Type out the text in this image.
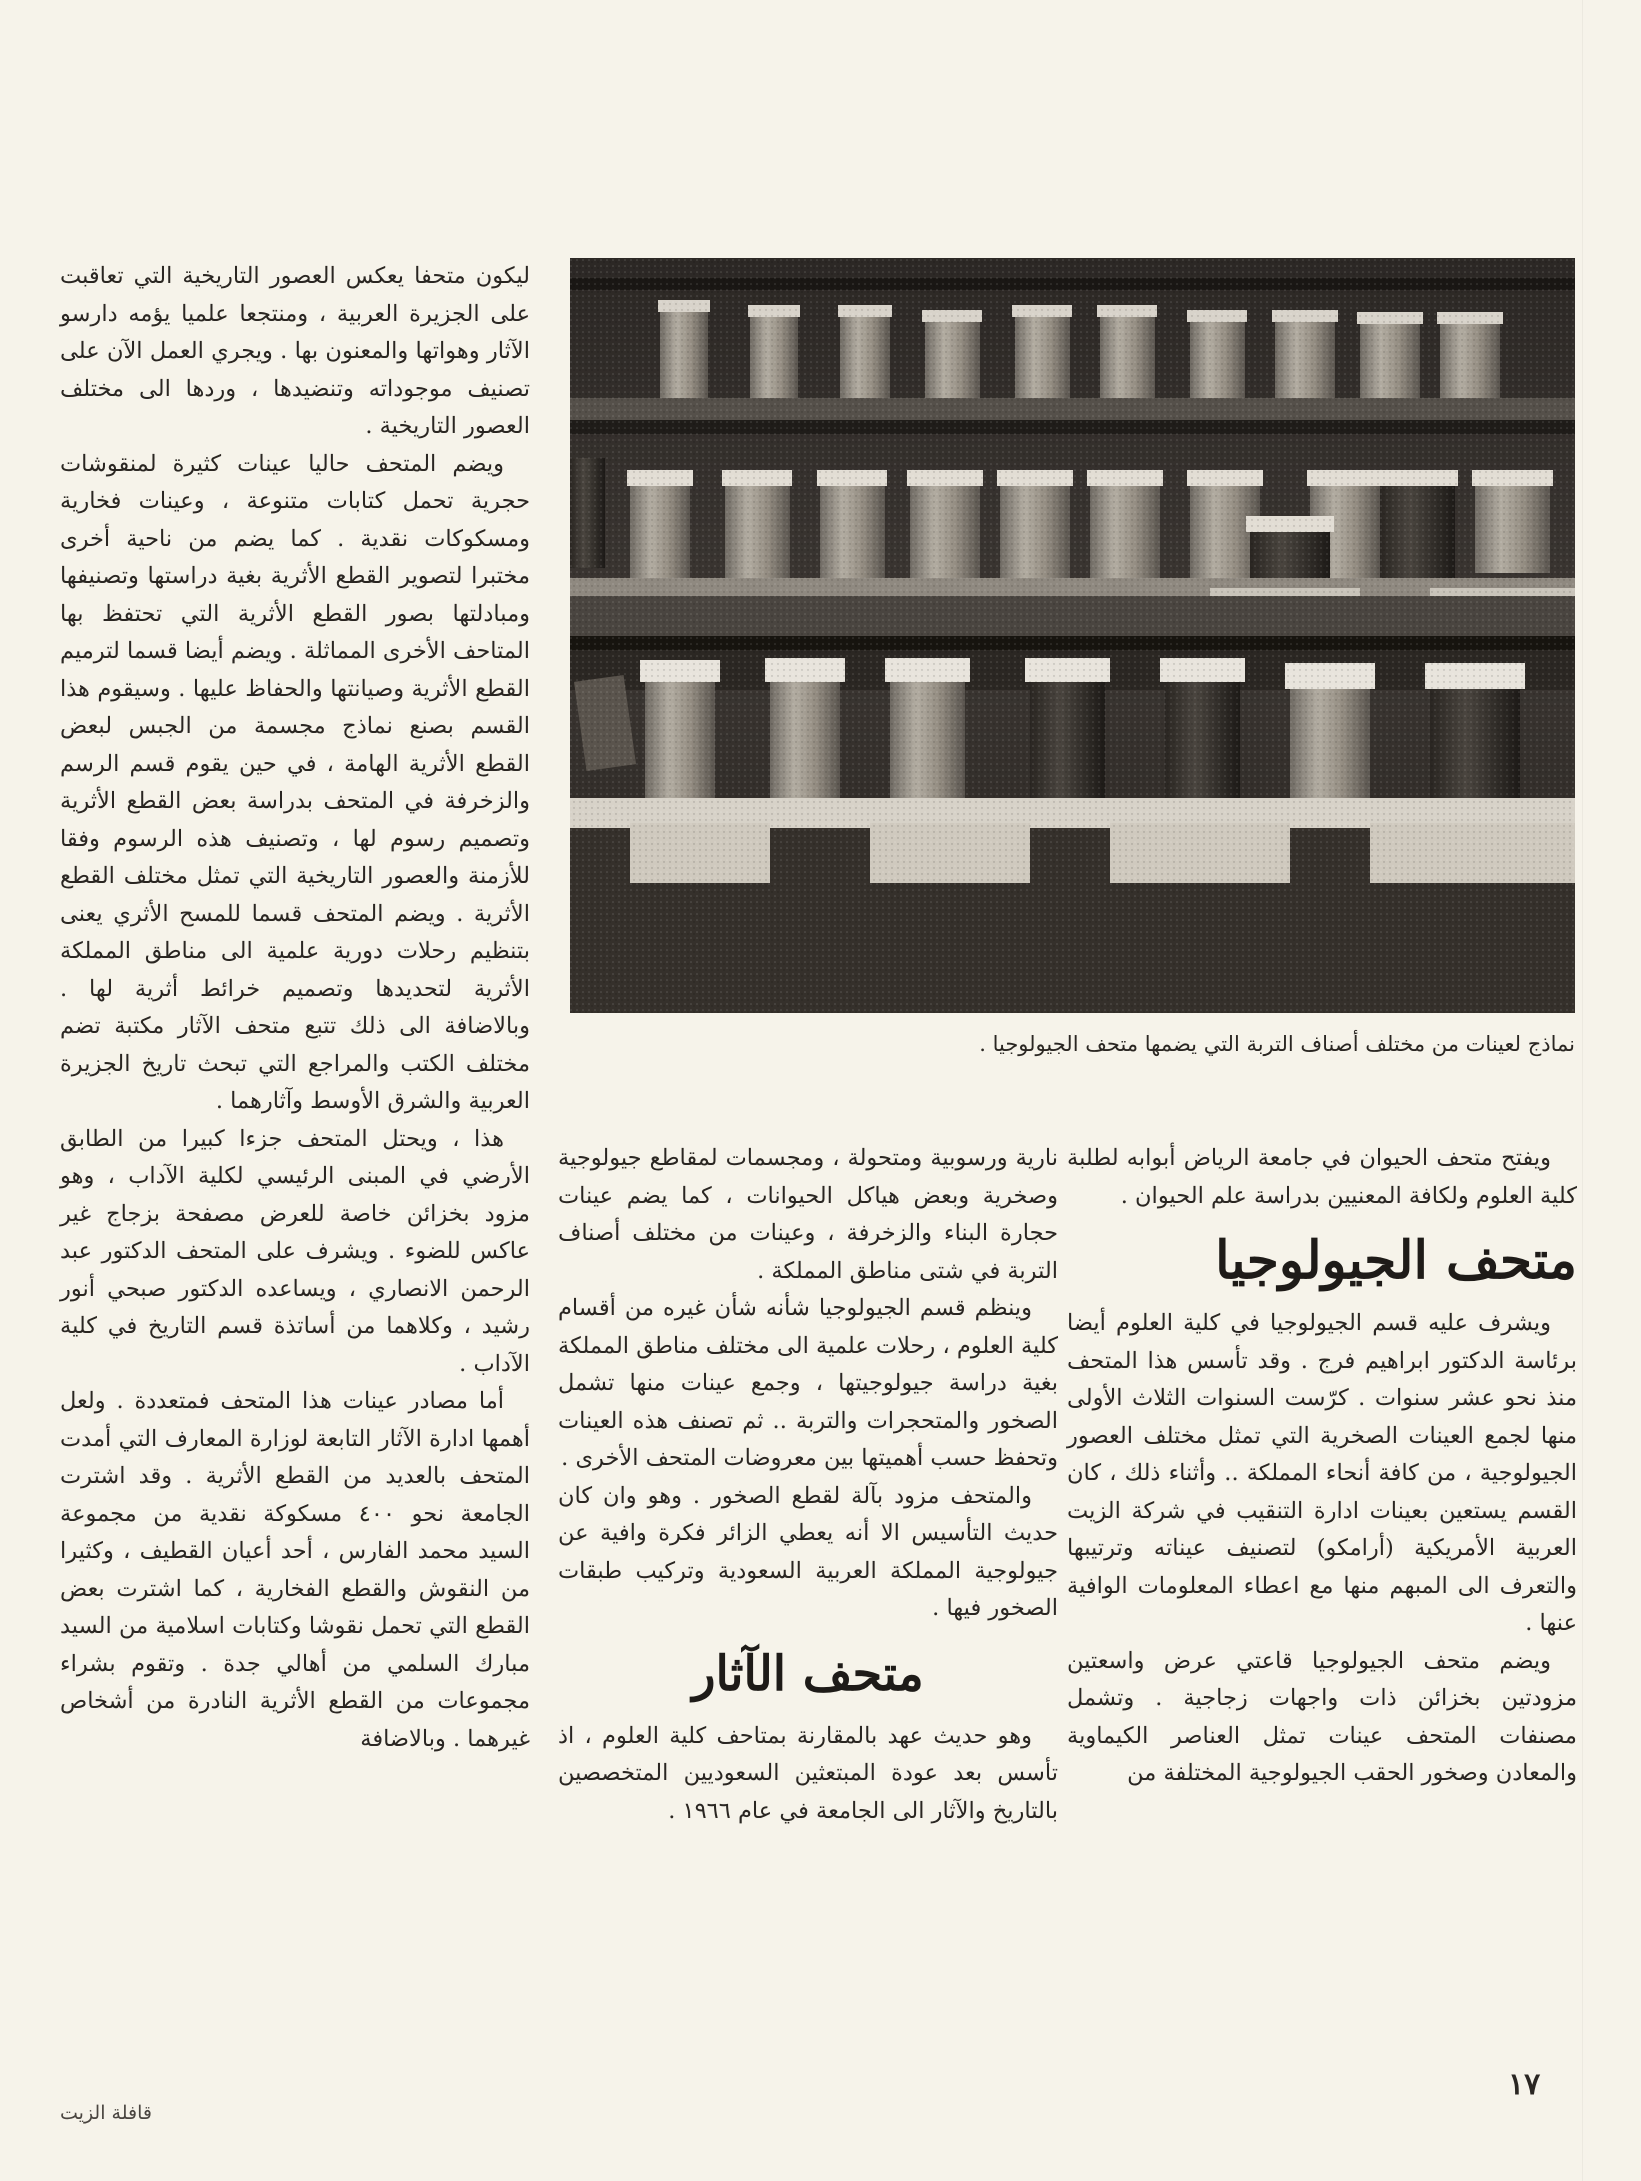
ليكون متحفا يعكس العصور التاريخية التي تعاقبت على الجزيرة العربية ، ومنتجعا علميا يؤمه دارسو الآثار وهواتها والمعنون بها . ويجري العمل الآن على تصنيف موجوداته وتنضيدها ، وردها الى مختلف العصور التاريخية .

ويضم المتحف حاليا عينات كثيرة لمنقوشات حجرية تحمل كتابات متنوعة ، وعينات فخارية ومسكوكات نقدية . كما يضم من ناحية أخرى مختبرا لتصوير القطع الأثرية بغية دراستها وتصنيفها ومبادلتها بصور القطع الأثرية التي تحتفظ بها المتاحف الأخرى المماثلة . ويضم أيضا قسما لترميم القطع الأثرية وصيانتها والحفاظ عليها . وسيقوم هذا القسم بصنع نماذج مجسمة من الجبس لبعض القطع الأثرية الهامة ، في حين يقوم قسم الرسم والزخرفة في المتحف بدراسة بعض القطع الأثرية وتصميم رسوم لها ، وتصنيف هذه الرسوم وفقا للأزمنة والعصور التاريخية التي تمثل مختلف القطع الأثرية . ويضم المتحف قسما للمسح الأثري يعنى بتنظيم رحلات دورية علمية الى مناطق المملكة الأثرية لتحديدها وتصميم خرائط أثرية لها . وبالاضافة الى ذلك تتبع متحف الآثار مكتبة تضم مختلف الكتب والمراجع التي تبحث تاريخ الجزيرة العربية والشرق الأوسط وآثارهما .

هذا ، ويحتل المتحف جزءا كبيرا من الطابق الأرضي في المبنى الرئيسي لكلية الآداب ، وهو مزود بخزائن خاصة للعرض مصفحة بزجاج غير عاكس للضوء . ويشرف على المتحف الدكتور عبد الرحمن الانصاري ، ويساعده الدكتور صبحي أنور رشيد ، وكلاهما من أساتذة قسم التاريخ في كلية الآداب .

أما مصادر عينات هذا المتحف فمتعددة . ولعل أهمها ادارة الآثار التابعة لوزارة المعارف التي أمدت المتحف بالعديد من القطع الأثرية . وقد اشترت الجامعة نحو ٤٠٠ مسكوكة نقدية من مجموعة السيد محمد الفارس ، أحد أعيان القطيف ، وكثيرا من النقوش والقطع الفخارية ، كما اشترت بعض القطع التي تحمل نقوشا وكتابات اسلامية من السيد مبارك السلمي من أهالي جدة . وتقوم بشراء مجموعات من القطع الأثرية النادرة من أشخاص غيرهما . وبالاضافة

نماذج لعينات من مختلف أصناف التربة التي يضمها متحف الجيولوجيا .

نارية ورسوبية ومتحولة ، ومجسمات لمقاطع جيولوجية وصخرية وبعض هياكل الحيوانات ، كما يضم عينات حجارة البناء والزخرفة ، وعينات من مختلف أصناف التربة في شتى مناطق المملكة .

وينظم قسم الجيولوجيا شأنه شأن غيره من أقسام كلية العلوم ، رحلات علمية الى مختلف مناطق المملكة بغية دراسة جيولوجيتها ، وجمع عينات منها تشمل الصخور والمتحجرات والتربة .. ثم تصنف هذه العينات وتحفظ حسب أهميتها بين معروضات المتحف الأخرى .

والمتحف مزود بآلة لقطع الصخور . وهو وان كان حديث التأسيس الا أنه يعطي الزائر فكرة وافية عن جيولوجية المملكة العربية السعودية وتركيب طبقات الصخور فيها .

متحف الآثار

وهو حديث عهد بالمقارنة بمتاحف كلية العلوم ، اذ تأسس بعد عودة المبتعثين السعوديين المتخصصين بالتاريخ والآثار الى الجامعة في عام ١٩٦٦ .

ويفتح متحف الحيوان في جامعة الرياض أبوابه لطلبة كلية العلوم ولكافة المعنيين بدراسة علم الحيوان .

متحف الجيولوجيا

ويشرف عليه قسم الجيولوجيا في كلية العلوم أيضا برئاسة الدكتور ابراهيم فرج . وقد تأسس هذا المتحف منذ نحو عشر سنوات . كرّست السنوات الثلاث الأولى منها لجمع العينات الصخرية التي تمثل مختلف العصور الجيولوجية ، من كافة أنحاء المملكة .. وأثناء ذلك ، كان القسم يستعين بعينات ادارة التنقيب في شركة الزيت العربية الأمريكية (أرامكو) لتصنيف عيناته وترتيبها والتعرف الى المبهم منها مع اعطاء المعلومات الوافية عنها .

ويضم متحف الجيولوجيا قاعتي عرض واسعتين مزودتين بخزائن ذات واجهات زجاجية . وتشمل مصنفات المتحف عينات تمثل العناصر الكيماوية والمعادن وصخور الحقب الجيولوجية المختلفة من

١٧
قافلة الزيت
